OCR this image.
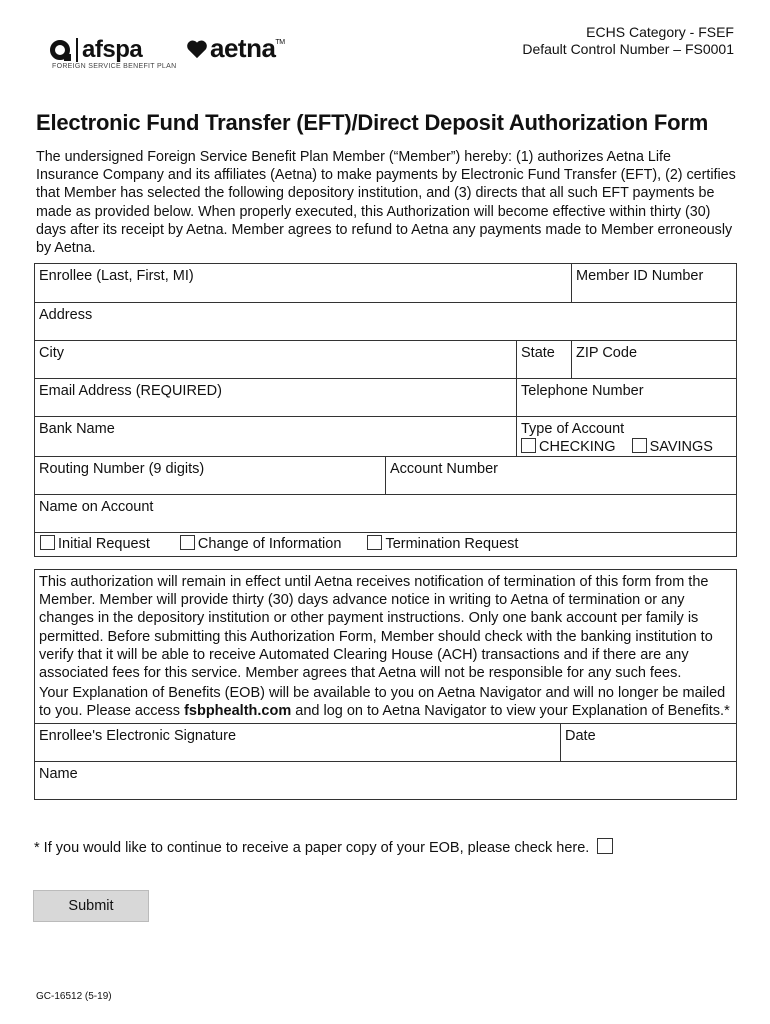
afspa
FOREIGN SERVICE BENEFIT PLAN
aetna TM
ECHS Category - FSEF
Default Control Number – FS0001
Electronic Fund Transfer (EFT)/Direct Deposit Authorization Form
The undersigned Foreign Service Benefit Plan Member (“Member”) hereby: (1) authorizes Aetna Life Insurance Company and its affiliates (Aetna) to make payments by Electronic Fund Transfer (EFT), (2) certifies that Member has selected the following depository institution, and (3) directs that all such EFT payments be made as provided below. When properly executed, this Authorization will become effective within thirty (30) days after its receipt by Aetna. Member agrees to refund to Aetna any payments made to Member erroneously by Aetna.
Enrollee (Last, First, MI)			Member ID Number
Address			
City		State	ZIP Code
Email Address (REQUIRED)		Telephone Number	
Bank Name		Type of Account
CHECKING SAVINGS	

Routing Number (9 digits)	Account Number		
Name on Account			
Initial Request Change of Information Termination Request			
This authorization will remain in effect until Aetna receives notification of termination of this form from the Member. Member will provide thirty (30) days advance notice in writing to Aetna of termination or any changes in the depository institution or other payment instructions. Only one bank account per family is permitted. Before submitting this Authorization Form, Member should check with the banking institution to verify that it will be able to receive Automated Clearing House (ACH) transactions and if there are any associated fees for this service. Member agrees that Aetna will not be responsible for any such fees.
Your Explanation of Benefits (EOB) will be available to you on Aetna Navigator and will no longer be mailed to you. Please access fsbphealth.com and log on to Aetna Navigator to view your Explanation of Benefits.*

Enrollee's Electronic Signature	Date
Name
* If you would like to continue to receive a paper copy of your EOB, please check here.
Submit
GC-16512 (5-19)
